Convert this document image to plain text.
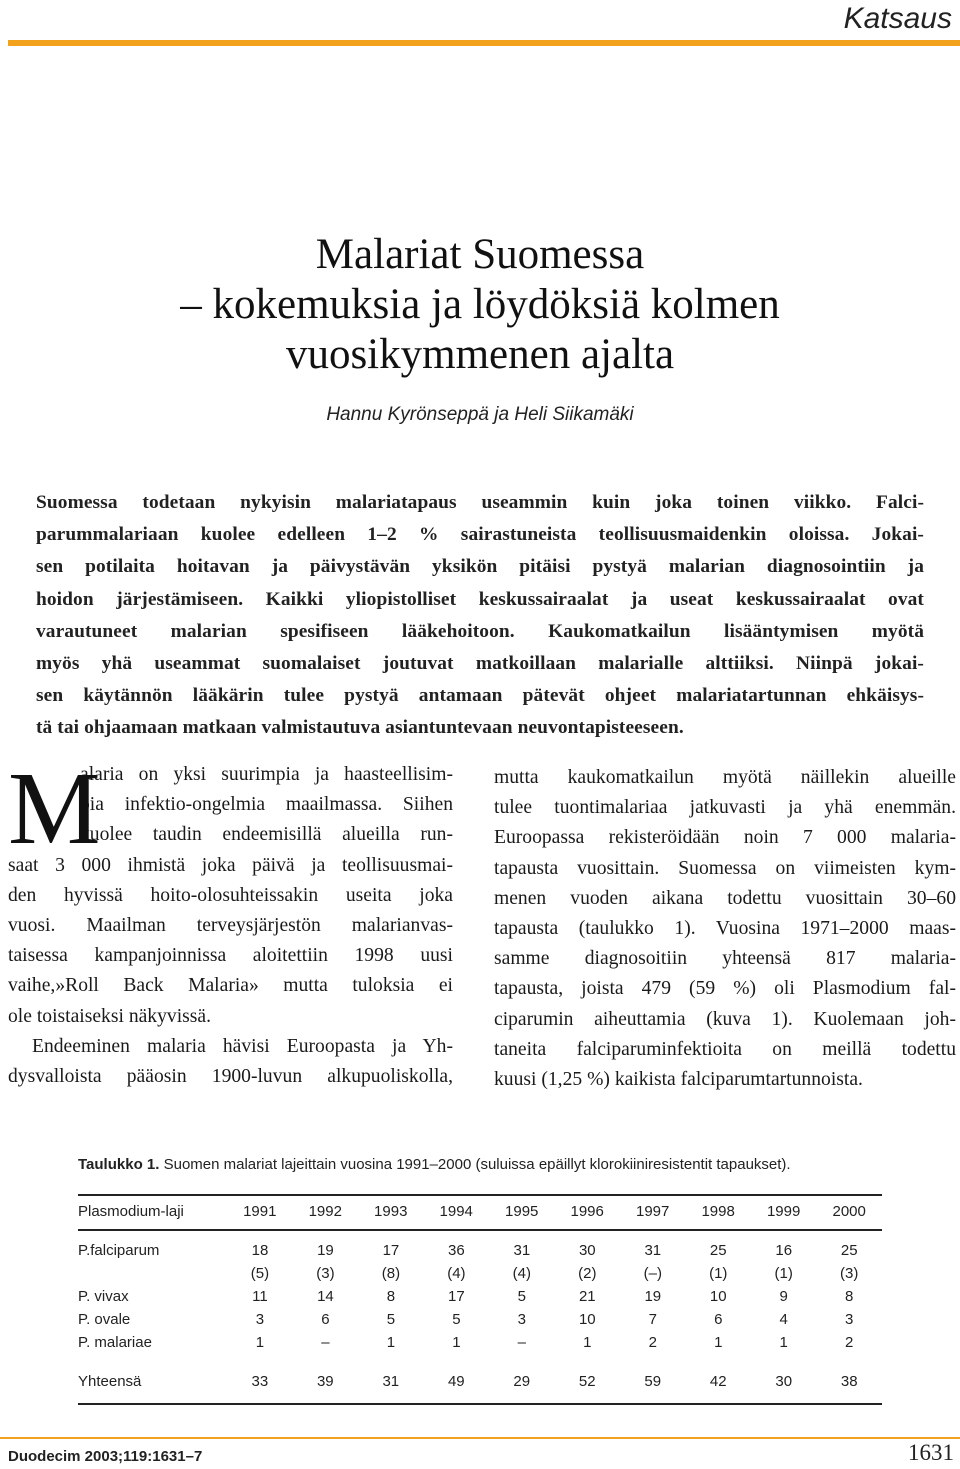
Katsaus
Malariat Suomessa
– kokemuksia ja löydöksiä kolmen
vuosikymmenen ajalta
Hannu Kyrönseppä ja Heli Siikamäki
Suomessa todetaan nykyisin malariatapaus useammin kuin joka toinen viikko. Falci-
parummalariaan kuolee edelleen 1–2 % sairastuneista teollisuusmaidenkin oloissa. Jokai-
sen potilaita hoitavan ja päivystävän yksikön pitäisi pystyä malarian diagnosointiin ja
hoidon järjestämiseen. Kaikki yliopistolliset keskussairaalat ja useat keskussairaalat ovat
varautuneet malarian spesifiseen lääkehoitoon. Kaukomatkailun lisääntymisen myötä
myös yhä useammat suomalaiset joutuvat matkoillaan malarialle alttiiksi. Niinpä jokai-
sen käytännön lääkärin tulee pystyä antamaan pätevät ohjeet malariatartunnan ehkäisys-
tä tai ohjaamaan matkaan valmistautuva asiantuntevaan neuvontapisteeseen.
M
alaria on yksi suurimpia ja haasteellisim-
pia infektio-ongelmia maailmassa. Siihen
kuolee taudin endeemisillä alueilla run-
saat 3 000 ihmistä joka päivä ja teollisuusmai-
den hyvissä hoito-olosuhteissakin useita joka
vuosi. Maailman terveysjärjestön malarianvas-
taisessa kampanjoinnissa aloitettiin 1998 uusi
vaihe,»Roll Back Malaria» mutta tuloksia ei
ole toistaiseksi näkyvissä.
Endeeminen malaria hävisi Euroopasta ja Yh-
dysvalloista pääosin 1900-luvun alkupuoliskolla,
mutta kaukomatkailun myötä näillekin alueille
tulee tuontimalariaa jatkuvasti ja yhä enemmän.
Euroopassa rekisteröidään noin 7 000 malaria-
tapausta vuosittain. Suomessa on viimeisten kym-
menen vuoden aikana todettu vuosittain 30–60
tapausta (taulukko 1). Vuosina 1971–2000 maas-
samme diagnosoitiin yhteensä 817 malaria-
tapausta, joista 479 (59 %) oli Plasmodium fal-
ciparumin aiheuttamia (kuva 1). Kuolemaan joh-
taneita falciparuminfektioita on meillä todettu
kuusi (1,25 %) kaikista falciparumtartunnoista.
Taulukko 1. Suomen malariat lajeittain vuosina 1991–2000 (suluissa epäillyt klorokiiniresistentit tapaukset).
Plasmodium-laji	1991	1992	1993	1994	1995	1996	1997	1998	1999	2000
P.falciparum	18	19	17	36	31	30	31	25	16	25
	(5)	(3)	(8)	(4)	(4)	(2)	(–)	(1)	(1)	(3)
P. vivax	11	14	8	17	5	21	19	10	9	8
P. ovale	3	6	5	5	3	10	7	6	4	3
P. malariae	1	–	1	1	–	1	2	1	1	2
Yhteensä	33	39	31	49	29	52	59	42	30	38
Duodecim 2003;119:1631–7	1631
